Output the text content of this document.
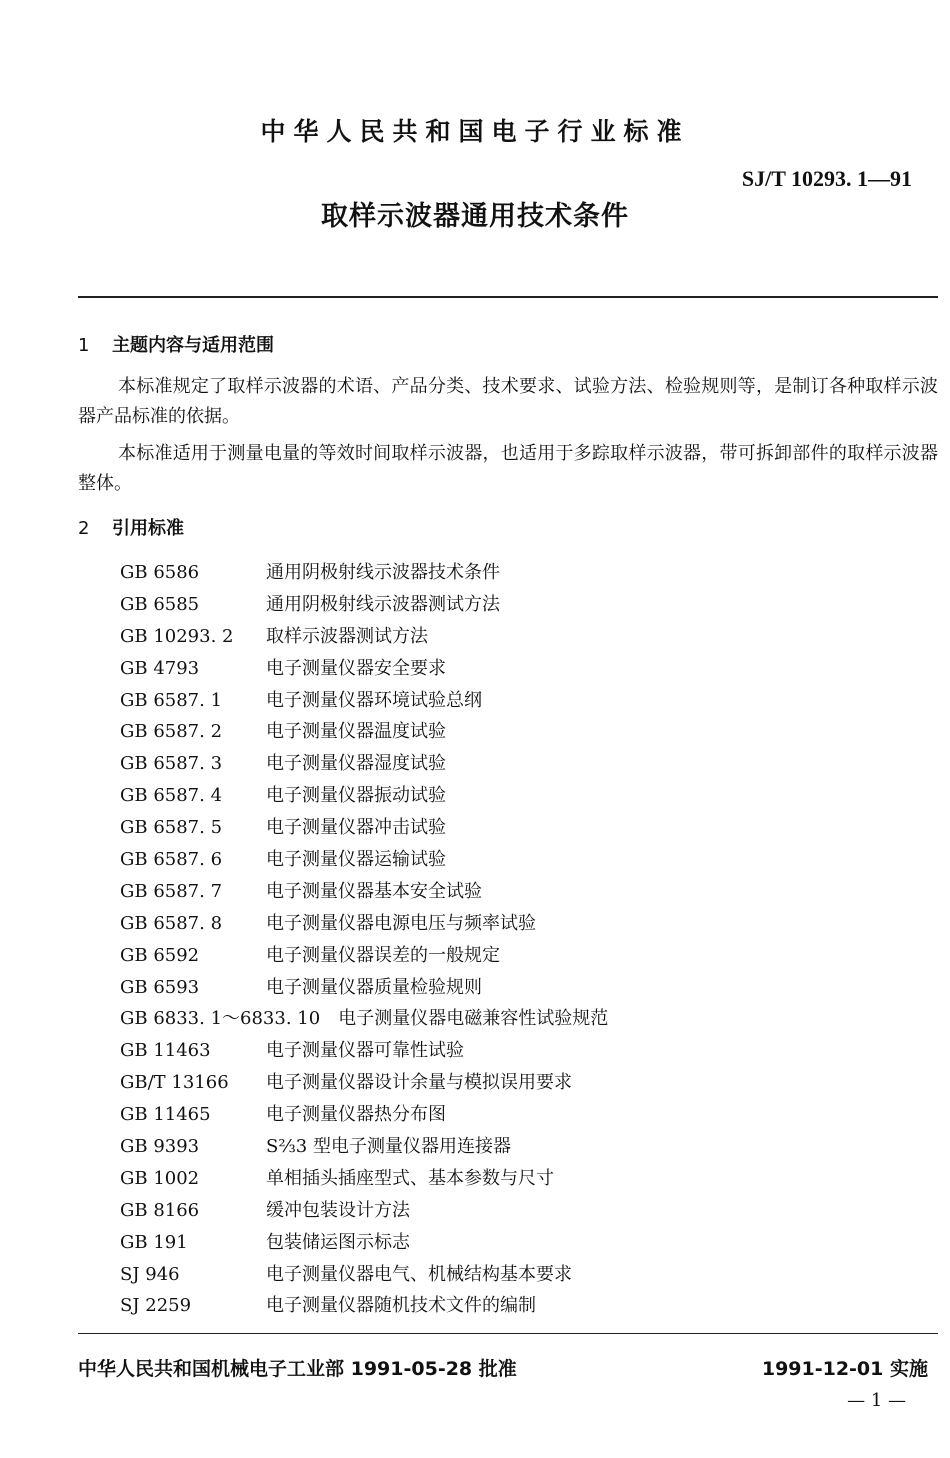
中华人民共和国电子行业标准
SJ/T 10293. 1—91
取样示波器通用技术条件
1 主题内容与适用范围
本标准规定了取样示波器的术语、产品分类、技术要求、试验方法、检验规则等，是制订各种取样示波器产品标准的依据。
本标准适用于测量电量的等效时间取样示波器，也适用于多踪取样示波器，带可拆卸部件的取样示波器整体。
2 引用标准
GB 6586	通用阴极射线示波器技术条件
GB 6585	通用阴极射线示波器测试方法
GB 10293. 2 取样示波器测试方法
GB 4793	电子测量仪器安全要求
GB 6587. 1 电子测量仪器环境试验总纲
GB 6587. 2 电子测量仪器温度试验
GB 6587. 3 电子测量仪器湿度试验
GB 6587. 4 电子测量仪器振动试验
GB 6587. 5 电子测量仪器冲击试验
GB 6587. 6 电子测量仪器运输试验
GB 6587. 7 电子测量仪器基本安全试验
GB 6587. 8 电子测量仪器电源电压与频率试验
GB 6592	电子测量仪器误差的一般规定
GB 6593	电子测量仪器质量检验规则
GB 6833. 1～6833. 10 电子测量仪器电磁兼容性试验规范
GB 11463	电子测量仪器可靠性试验
GB/T 13166 电子测量仪器设计余量与模拟误用要求
GB 11465	电子测量仪器热分布图
GB 9393	S⅔3 型电子测量仪器用连接器
GB 1002	单相插头插座型式、基本参数与尺寸
GB 8166	缓冲包装设计方法
GB 191	包装储运图示标志
SJ 946	电子测量仪器电气、机械结构基本要求
SJ 2259	电子测量仪器随机技术文件的编制
中华人民共和国机械电子工业部 1991-05-28 批准	1991-12-01 实施
— 1 —
